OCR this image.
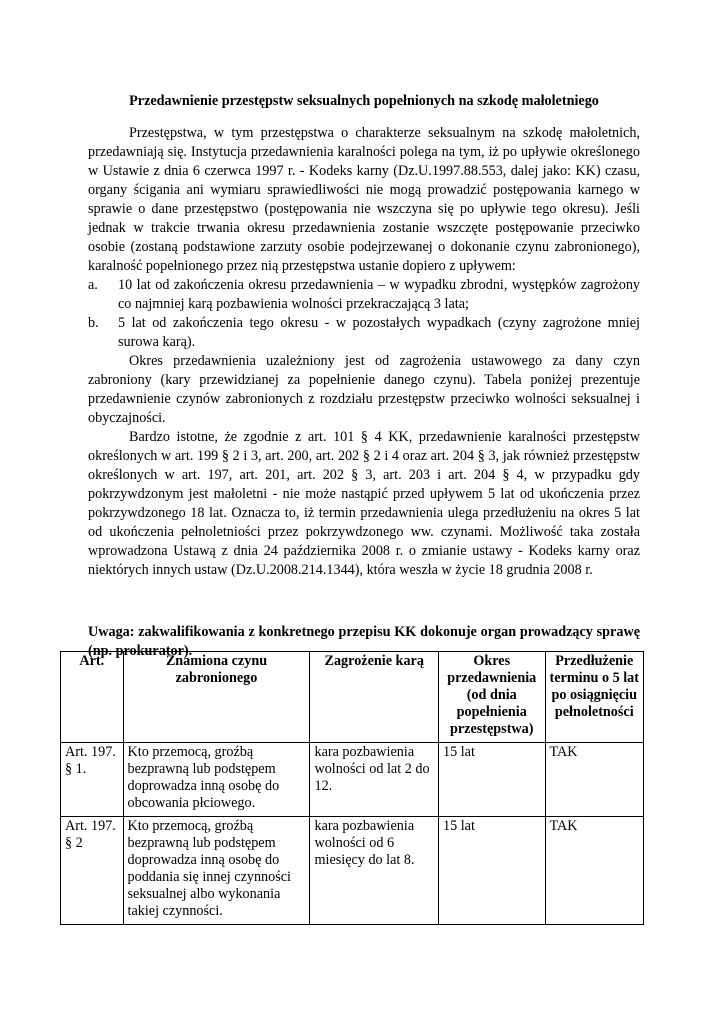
Przedawnienie przestępstw seksualnych popełnionych na szkodę małoletniego

Przestępstwa, w tym przestępstwa o charakterze seksualnym na szkodę małoletnich, przedawniają się. Instytucja przedawnienia karalności polega na tym, iż po upływie określonego w Ustawie z dnia 6 czerwca 1997 r. - Kodeks karny (Dz.U.1997.88.553, dalej jako: KK) czasu, organy ścigania ani wymiaru sprawiedliwości nie mogą prowadzić postępowania karnego w sprawie o dane przestępstwo (postępowania nie wszczyna się po upływie tego okresu). Jeśli jednak w trakcie trwania okresu przedawnienia zostanie wszczęte postępowanie przeciwko osobie (zostaną podstawione zarzuty osobie podejrzewanej o dokonanie czynu zabronionego), karalność popełnionego przez nią przestępstwa ustanie dopiero z upływem:

a. 10 lat od zakończenia okresu przedawnienia – w wypadku zbrodni, występków zagrożony co najmniej karą pozbawienia wolności przekraczającą 3 lata;
b. 5 lat od zakończenia tego okresu - w pozostałych wypadkach (czyny zagrożone mniej surowa karą).

Okres przedawnienia uzależniony jest od zagrożenia ustawowego za dany czyn zabroniony (kary przewidzianej za popełnienie danego czynu). Tabela poniżej prezentuje przedawnienie czynów zabronionych z rozdziału przestępstw przeciwko wolności seksualnej i obyczajności.

Bardzo istotne, że zgodnie z art. 101 § 4 KK, przedawnienie karalności przestępstw określonych w art. 199 § 2 i 3, art. 200, art. 202 § 2 i 4 oraz art. 204 § 3, jak również przestępstw określonych w art. 197, art. 201, art. 202 § 3, art. 203 i art. 204 § 4, w przypadku gdy pokrzywdzonym jest małoletni - nie może nastąpić przed upływem 5 lat od ukończenia przez pokrzywdzonego 18 lat. Oznacza to, iż termin przedawnienia ulega przedłużeniu na okres 5 lat od ukończenia pełnoletniości przez pokrzywdzonego ww. czynami. Możliwość taka została wprowadzona Ustawą z dnia 24 października 2008 r. o zmianie ustawy - Kodeks karny oraz niektórych innych ustaw (Dz.U.2008.214.1344), która weszła w życie 18 grudnia 2008 r.

Uwaga: zakwalifikowania z konkretnego przepisu KK dokonuje organ prowadzący sprawę (np. prokurator).
Art.	Znamiona czynu zabronionego	Zagrożenie karą	Okres przedawnienia (od dnia popełnienia przestępstwa)	Przedłużenie terminu o 5 lat po osiągnięciu pełnoletności
Art. 197. § 1.	Kto przemocą, groźbą bezprawną lub podstępem doprowadza inną osobę do obcowania płciowego.	kara pozbawienia wolności od lat 2 do 12.	15 lat	TAK
Art. 197. § 2	Kto przemocą, groźbą bezprawną lub podstępem doprowadza inną osobę do poddania się innej czynności seksualnej albo wykonania takiej czynności.	kara pozbawienia wolności od 6 miesięcy do lat 8.	15 lat	TAK
